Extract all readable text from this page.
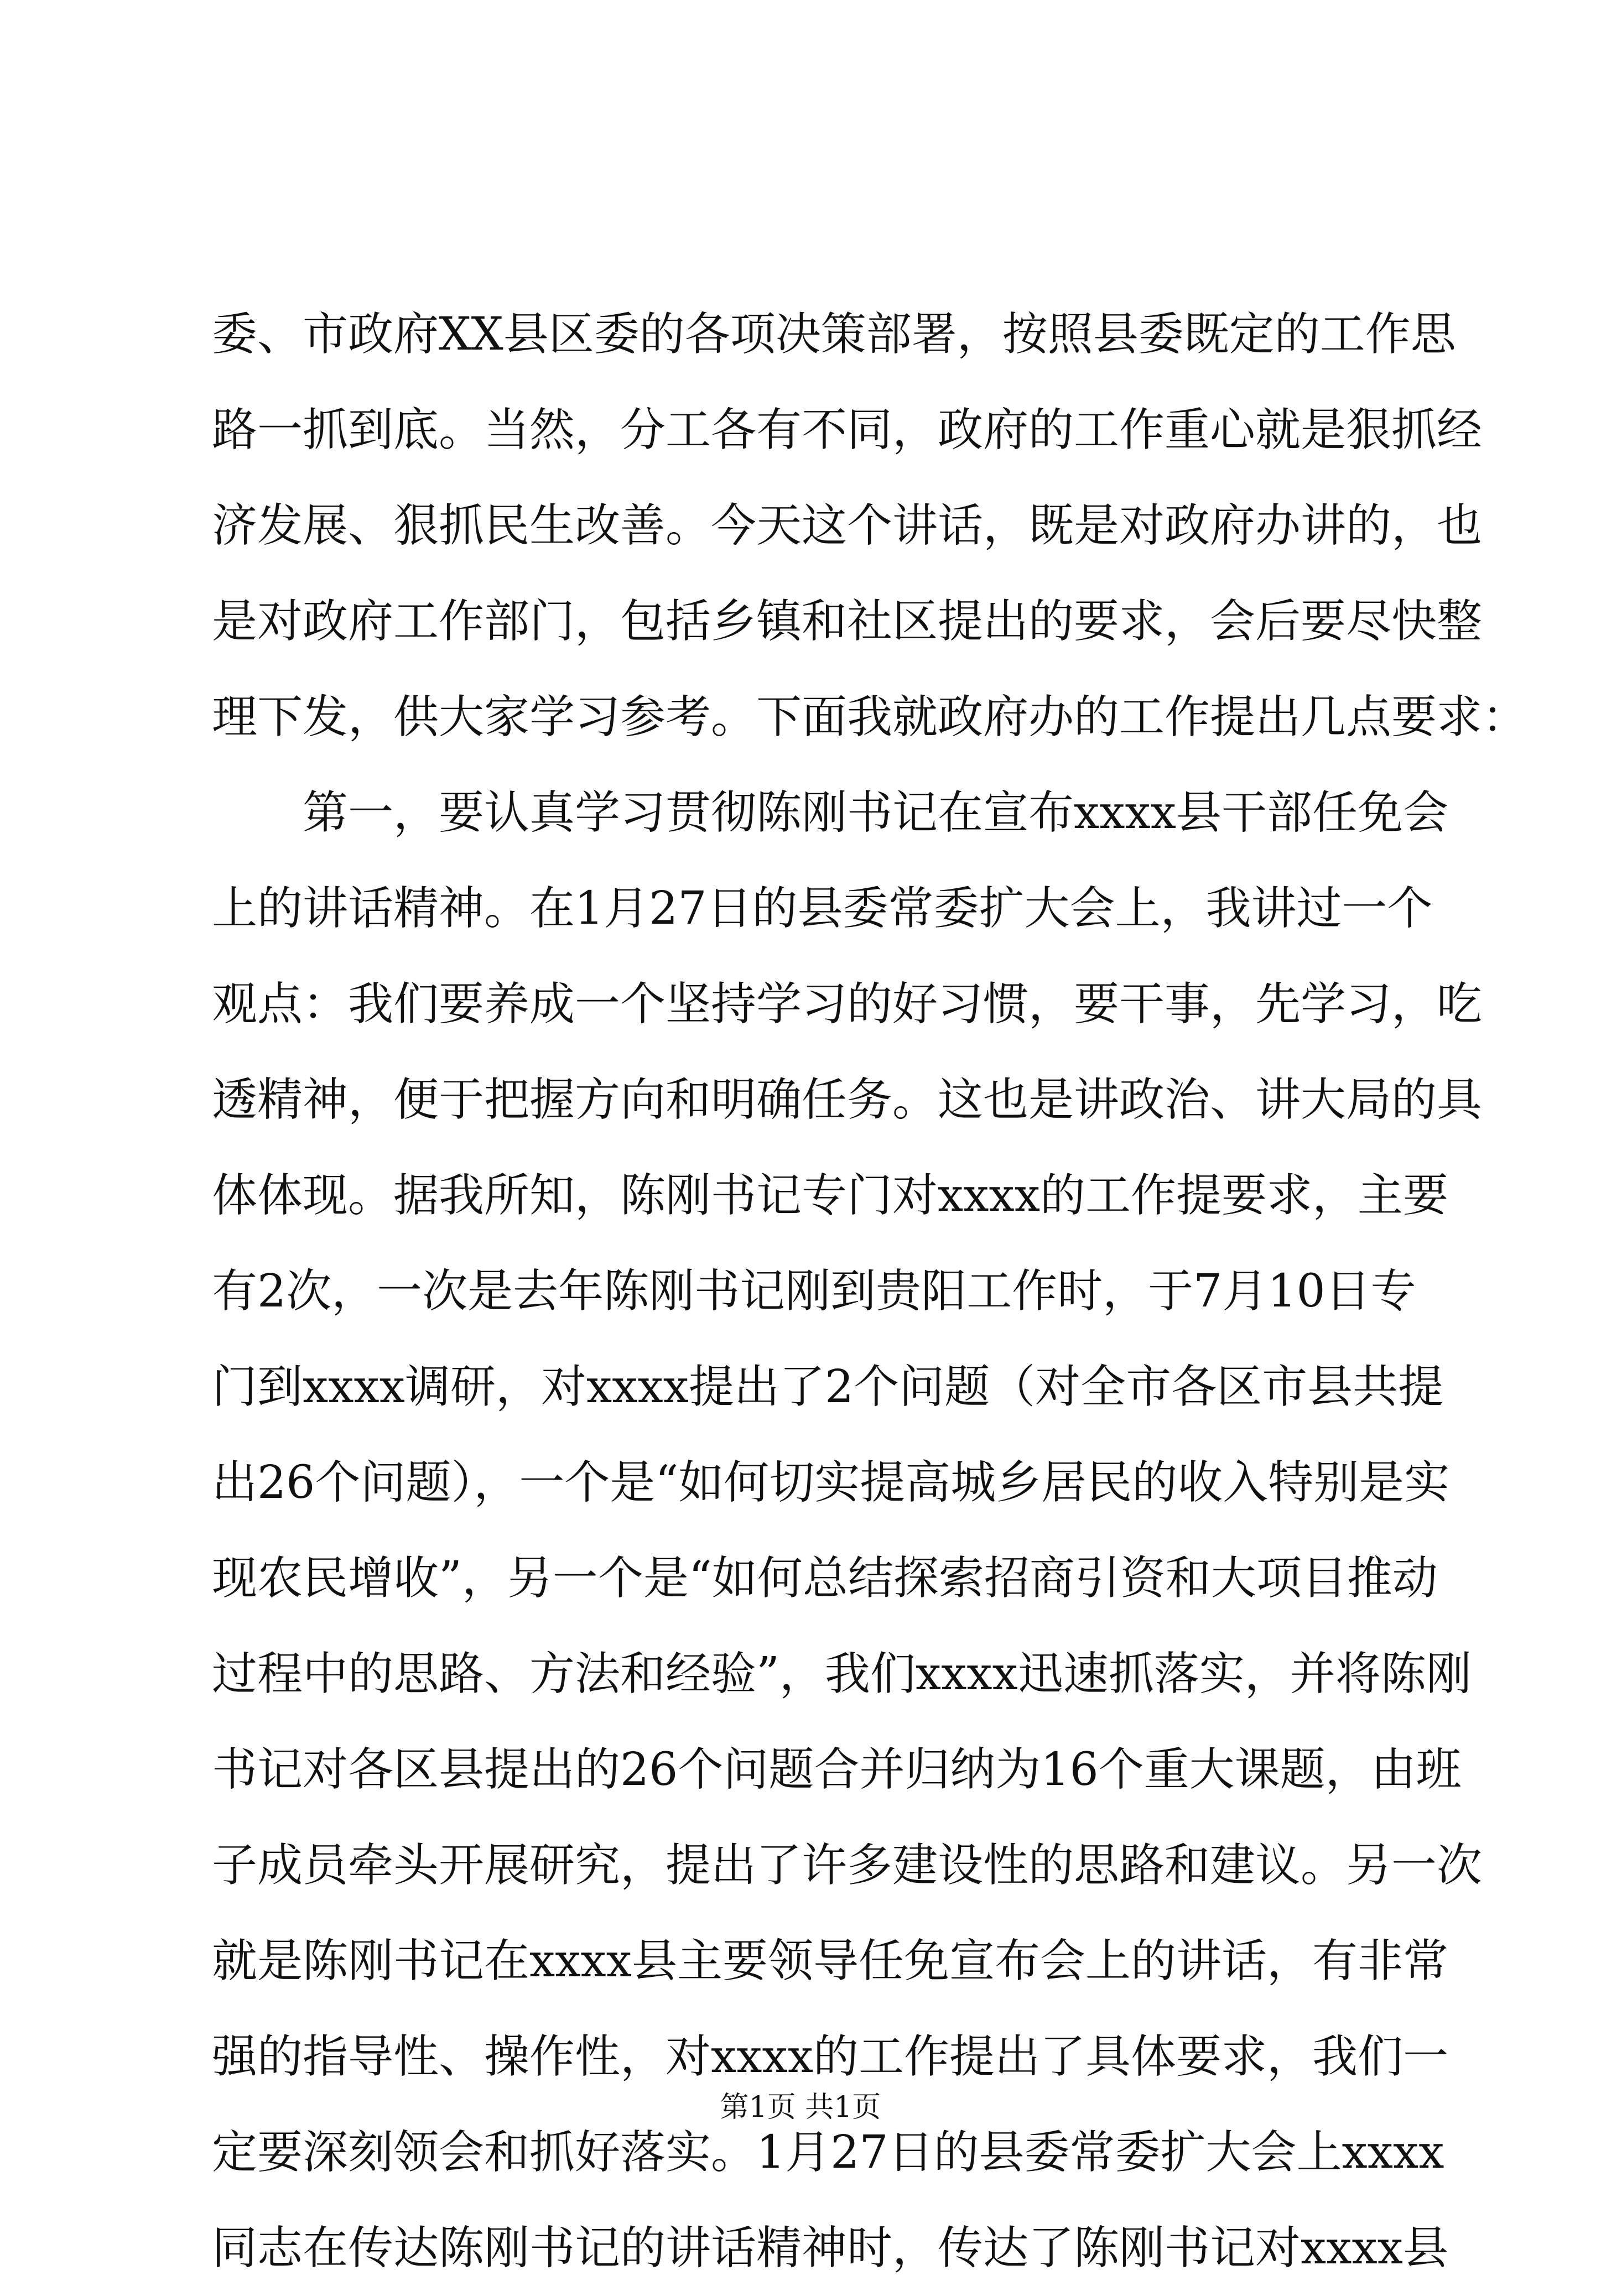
委、市政府XX县区委的各项决策部署，按照县委既定的工作思
路一抓到底。当然，分工各有不同，政府的工作重心就是狠抓经
济发展、狠抓民生改善。今天这个讲话，既是对政府办讲的，也
是对政府工作部门，包括乡镇和社区提出的要求，会后要尽快整
理下发，供大家学习参考。下面我就政府办的工作提出几点要求：
第一，要认真学习贯彻陈刚书记在宣布xxxx县干部任免会
上的讲话精神。在1月27日的县委常委扩大会上，我讲过一个
观点：我们要养成一个坚持学习的好习惯，要干事，先学习，吃
透精神，便于把握方向和明确任务。这也是讲政治、讲大局的具
体体现。据我所知，陈刚书记专门对xxxx的工作提要求，主要
有2次，一次是去年陈刚书记刚到贵阳工作时，于7月10日专
门到xxxx调研，对xxxx提出了2个问题（对全市各区市县共提
出26个问题），一个是“如何切实提高城乡居民的收入特别是实
现农民增收”，另一个是“如何总结探索招商引资和大项目推动
过程中的思路、方法和经验”，我们xxxx迅速抓落实，并将陈刚
书记对各区县提出的26个问题合并归纳为16个重大课题，由班
子成员牵头开展研究，提出了许多建设性的思路和建议。另一次
就是陈刚书记在xxxx县主要领导任免宣布会上的讲话，有非常
强的指导性、操作性，对xxxx的工作提出了具体要求，我们一
定要深刻领会和抓好落实。1月27日的县委常委扩大会上xxxx
同志在传达陈刚书记的讲话精神时，传达了陈刚书记对xxxx县
第1页 共1页
